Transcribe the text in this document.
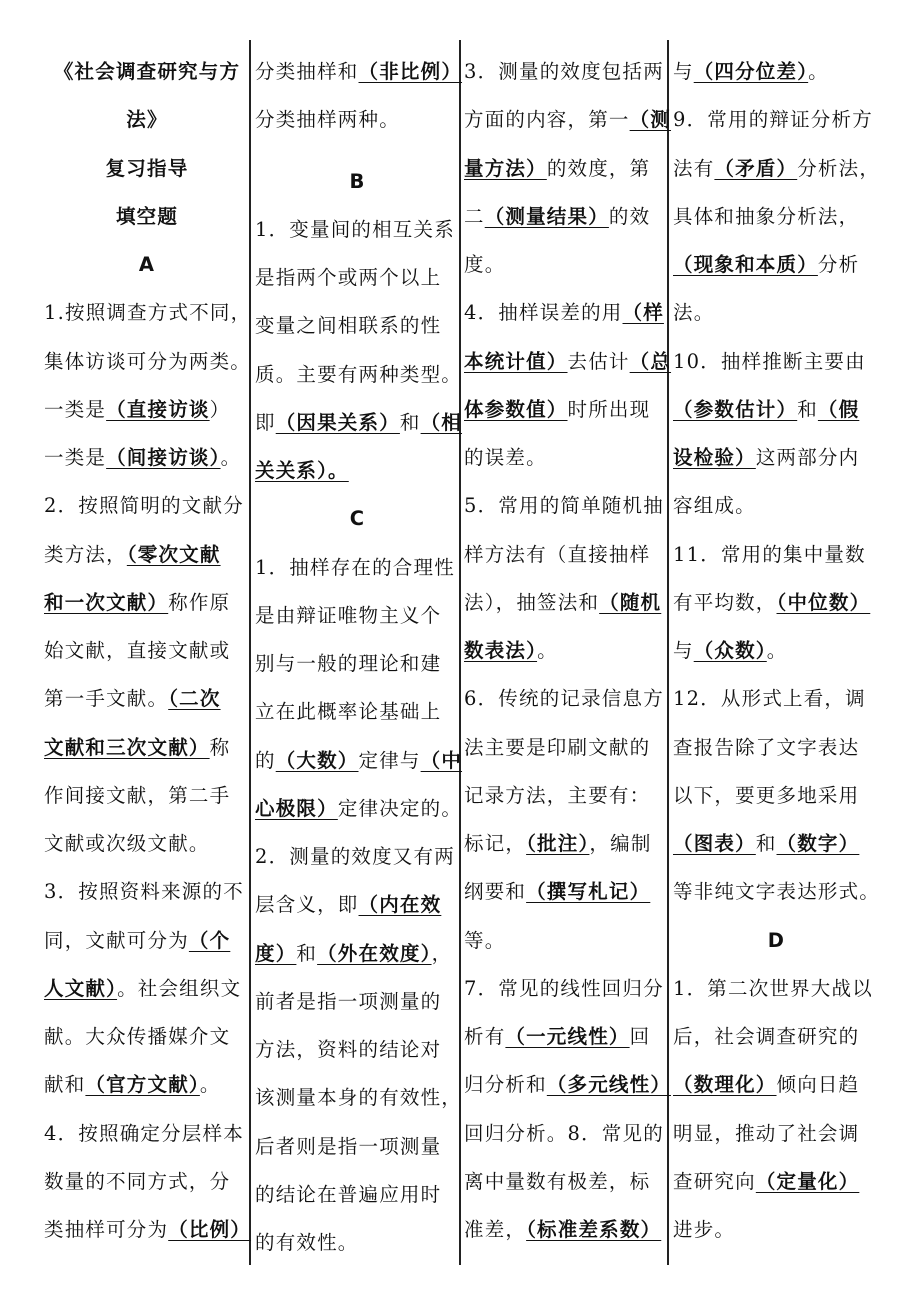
《社会调查研究与方
法》
复习指导
填空题
A
1.按照调查方式不同，
集体访谈可分为两类。
一类是（直接访谈）
一类是（间接访谈）。
2．按照简明的文献分
类方法，（零次文献
和一次文献）称作原
始文献，直接文献或
第一手文献。（二次
文献和三次文献）称
作间接文献，第二手
文献或次级文献。
3．按照资料来源的不
同，文献可分为（个
人文献）。社会组织文
献。大众传播媒介文
献和（官方文献）。
4．按照确定分层样本
数量的不同方式，分
类抽样可分为（比例）
分类抽样和（非比例）
分类抽样两种。
B
1．变量间的相互关系
是指两个或两个以上
变量之间相联系的性
质。主要有两种类型。
即（因果关系）和（相
关关系）。
C
1．抽样存在的合理性
是由辩证唯物主义个
别与一般的理论和建
立在此概率论基础上
的（大数）定律与（中
心极限）定律决定的。
2．测量的效度又有两
层含义，即（内在效
度）和（外在效度），
前者是指一项测量的
方法，资料的结论对
该测量本身的有效性，
后者则是指一项测量
的结论在普遍应用时
的有效性。
3．测量的效度包括两
方面的内容，第一（测
量方法）的效度，第
二（测量结果）的效
度。
4．抽样误差的用（样
本统计值）去估计（总
体参数值）时所出现
的误差。
5．常用的简单随机抽
样方法有（直接抽样
法），抽签法和（随机
数表法）。
6．传统的记录信息方
法主要是印刷文献的
记录方法，主要有：
标记，（批注），编制
纲要和（撰写札记）
等。
7．常见的线性回归分
析有（一元线性）回
归分析和（多元线性）
回归分析。8．常见的
离中量数有极差，标
准差，（标准差系数）
与（四分位差）。
9．常用的辩证分析方
法有（矛盾）分析法，
具体和抽象分析法，
（现象和本质）分析
法。
10．抽样推断主要由
（参数估计）和（假
设检验）这两部分内
容组成。
11．常用的集中量数
有平均数，（中位数）
与（众数）。
12．从形式上看，调
查报告除了文字表达
以下，要更多地采用
（图表）和（数字）
等非纯文字表达形式。
D
1．第二次世界大战以
后，社会调查研究的
（数理化）倾向日趋
明显，推动了社会调
查研究向（定量化）
进步。
